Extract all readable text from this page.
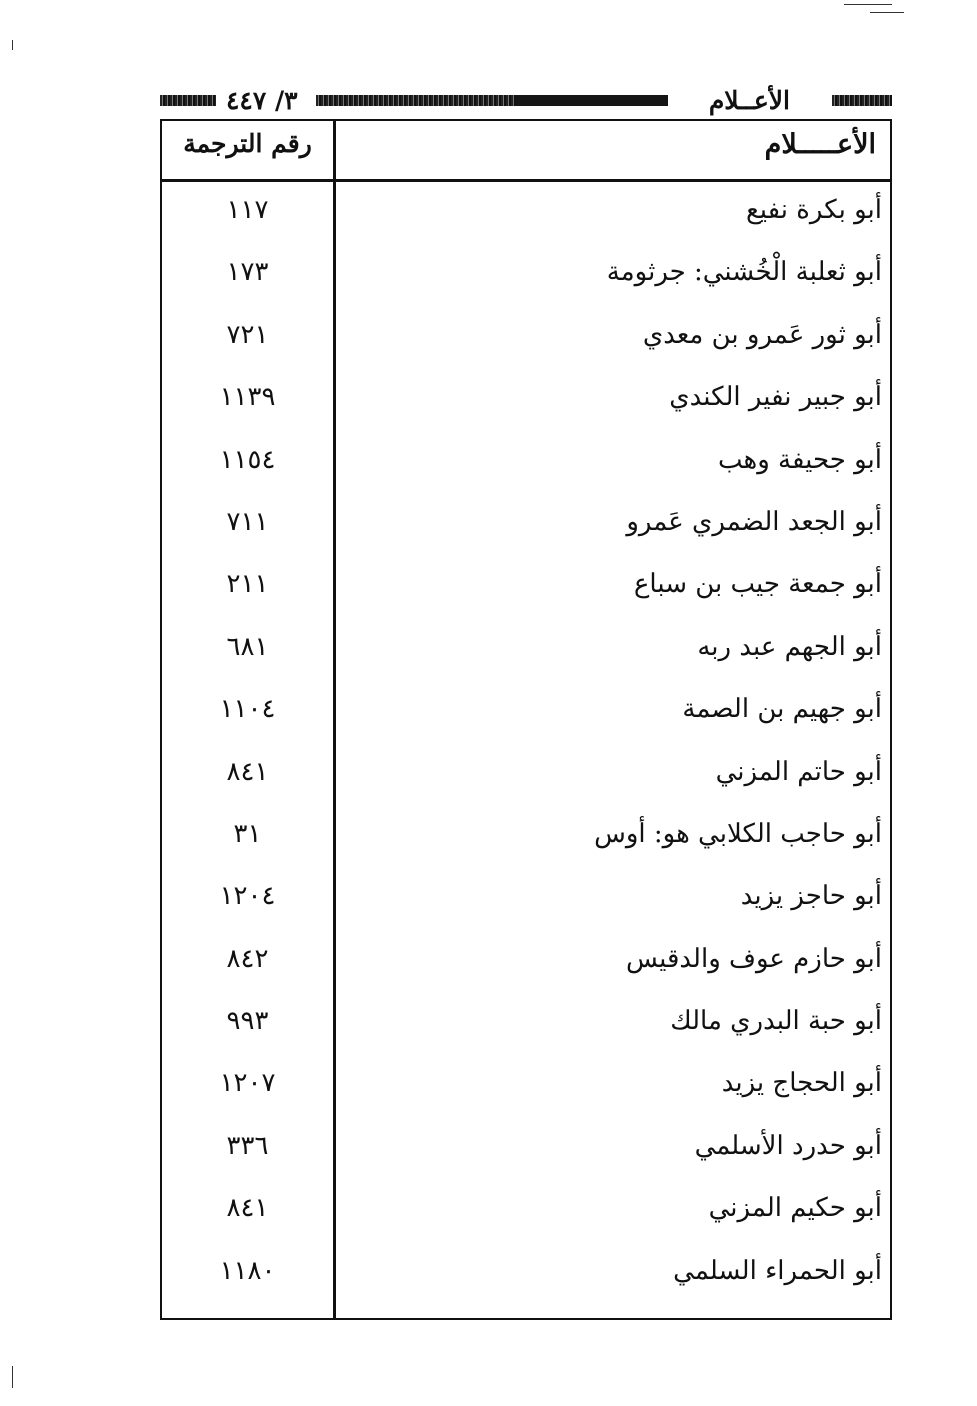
٣/ ٤٤٧	الأعــلام
رقم الترجمة	الأعـــــلام
أبو بكرة نفيع
١١٧
أبو ثعلبة الْخُشني: جرثومة
١٧٣
أبو ثور عَمرو بن معدي
٧٢١
أبو جبير نفير الكندي
١١٣٩
أبو جحيفة وهب
١١٥٤
أبو الجعد الضمري عَمرو
٧١١
أبو جمعة جيب بن سباع
٢١١
أبو الجهم عبد ربه
٦٨١
أبو جهيم بن الصمة
١١٠٤
أبو حاتم المزني
٨٤١
أبو حاجب الكلابي هو: أوس
٣١
أبو حاجز يزيد
١٢٠٤
أبو حازم عوف والدقيس
٨٤٢
أبو حبة البدري مالك
٩٩٣
أبو الحجاج يزيد
١٢٠٧
أبو حدرد الأسلمي
٣٣٦
أبو حكيم المزني
٨٤١
أبو الحمراء السلمي
١١٨٠
